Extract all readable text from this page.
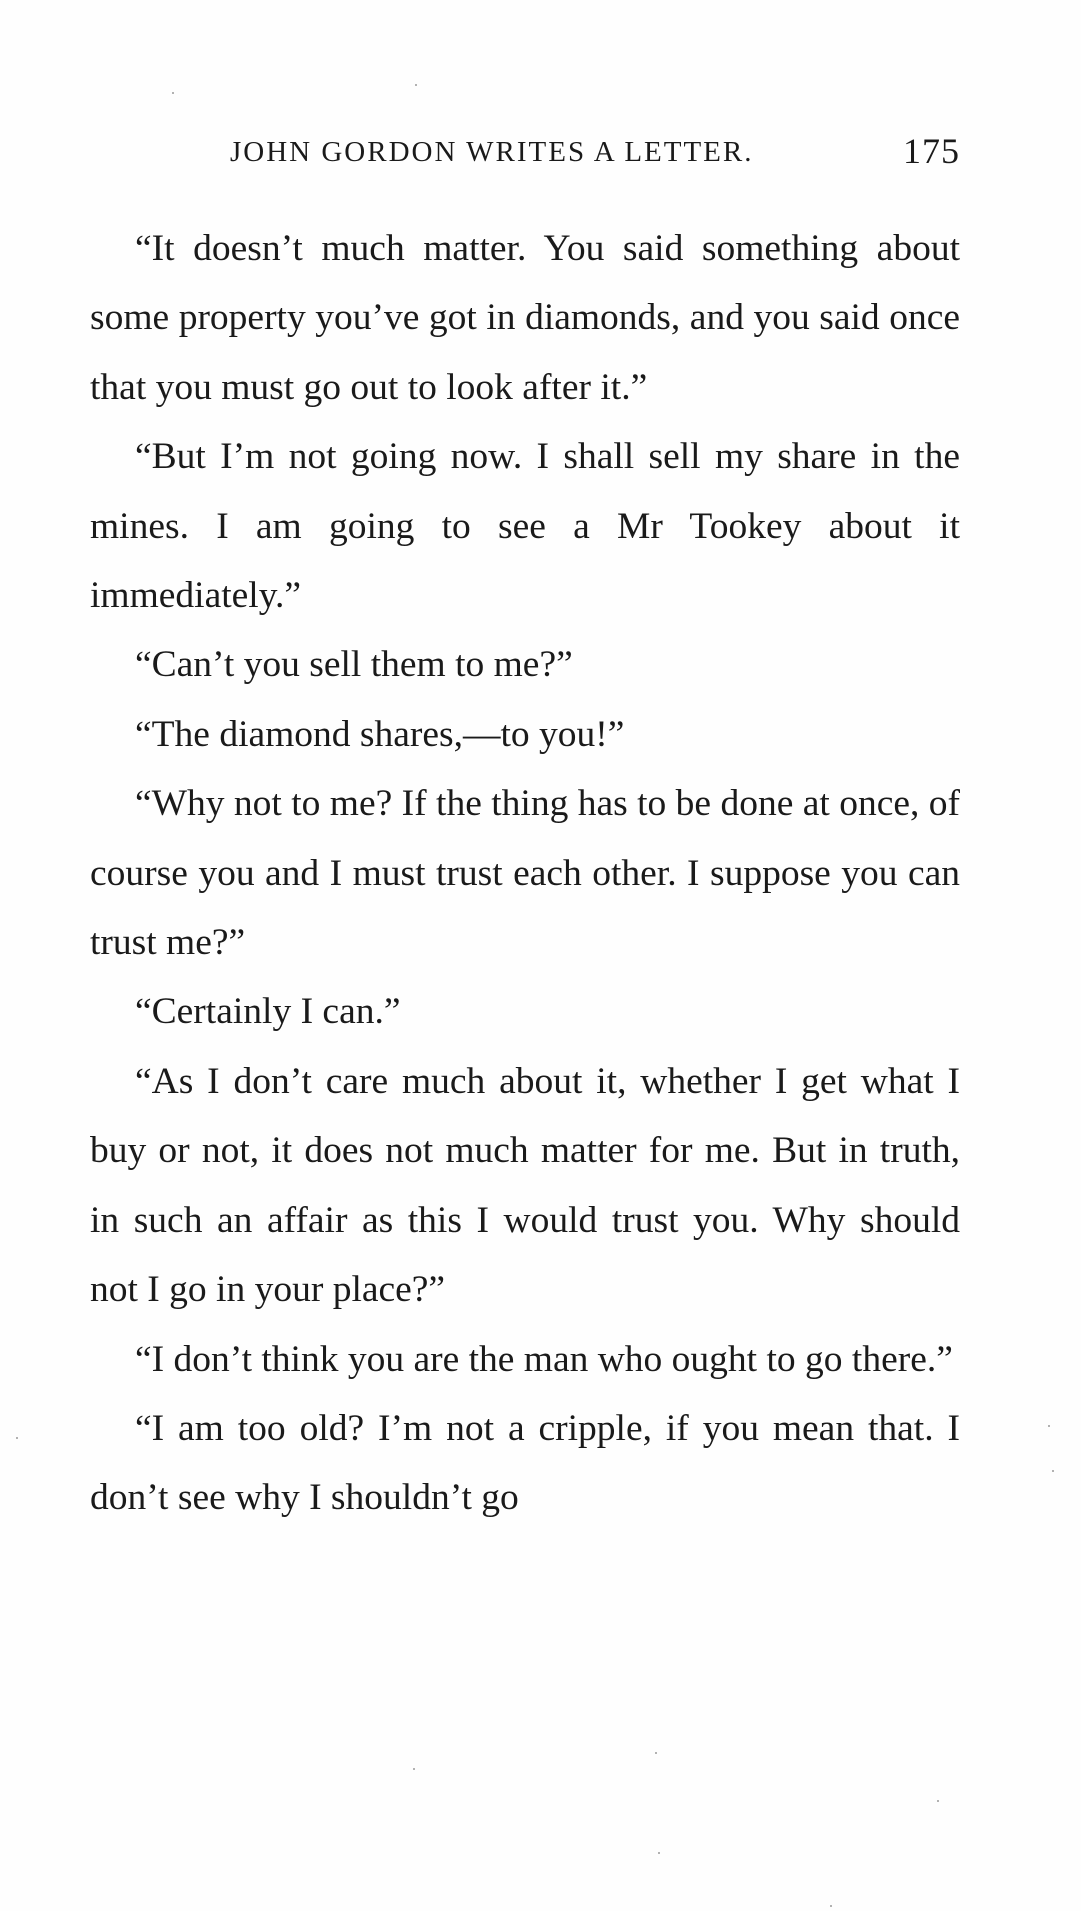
JOHN GORDON WRITES A LETTER.	175

“It doesn’t much matter. You said something about some property you’ve got in diamonds, and you said once that you must go out to look after it.”

“But I’m not going now. I shall sell my share in the mines. I am going to see a Mr Tookey about it immediately.”

“Can’t you sell them to me?”

“The diamond shares,—to you!”

“Why not to me? If the thing has to be done at once, of course you and I must trust each other. I suppose you can trust me?”

“Certainly I can.”

“As I don’t care much about it, whether I get what I buy or not, it does not much matter for me. But in truth, in such an affair as this I would trust you. Why should not I go in your place?”

“I don’t think you are the man who ought to go there.”

“I am too old? I’m not a cripple, if you mean that. I don’t see why I shouldn’t go
